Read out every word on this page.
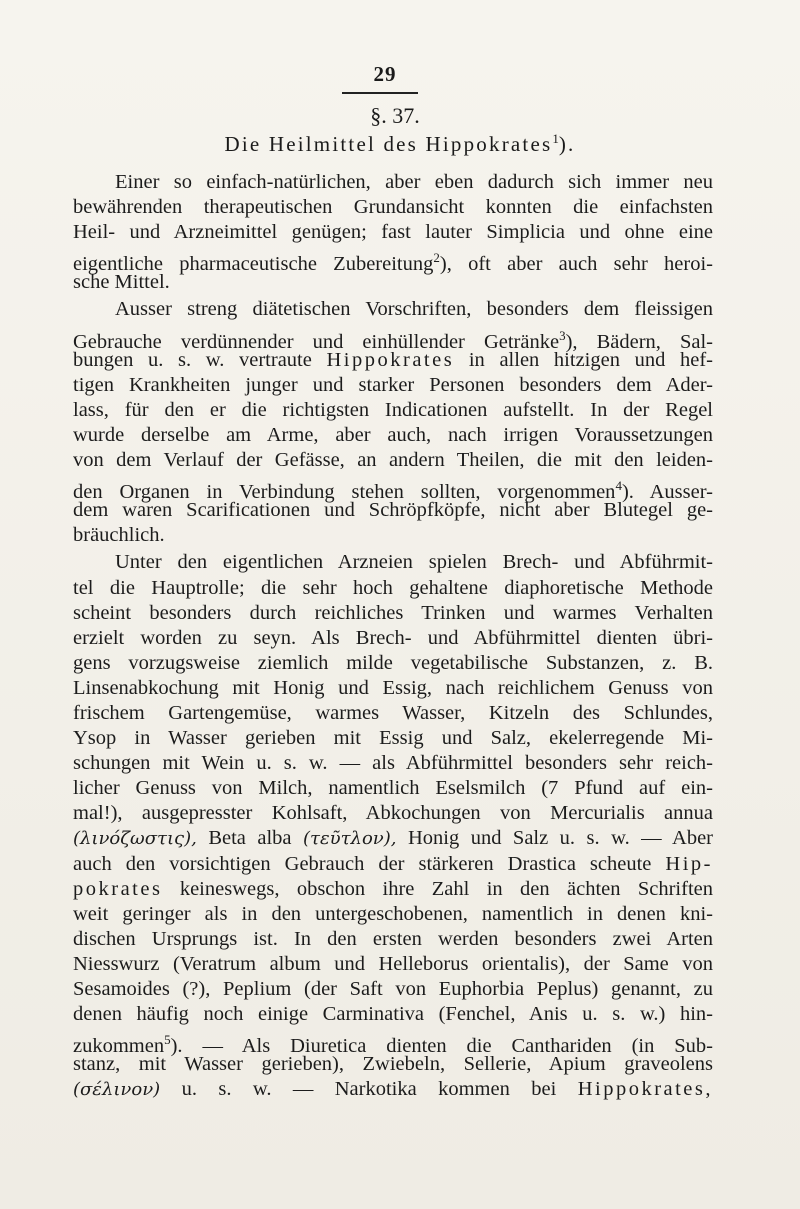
29
§. 37.
Die Heilmittel des Hippokrates$^1$).
Einer so einfach-natürlichen, aber eben dadurch sich immer neu
bewährenden therapeutischen Grundansicht konnten die einfachsten
Heil- und Arzneimittel genügen; fast lauter Simplicia und ohne eine
eigentliche pharmaceutische Zubereitung$^2$), oft aber auch sehr heroi-
sche Mittel.
Ausser streng diätetischen Vorschriften, besonders dem fleissigen
Gebrauche verdünnender und einhüllender Getränke$^3$), Bädern, Sal-
bungen u. s. w. vertraute Hippokrates in allen hitzigen und hef-
tigen Krankheiten junger und starker Personen besonders dem Ader-
lass, für den er die richtigsten Indicationen aufstellt. In der Regel
wurde derselbe am Arme, aber auch, nach irrigen Voraussetzungen
von dem Verlauf der Gefässe, an andern Theilen, die mit den leiden-
den Organen in Verbindung stehen sollten, vorgenommen$^4$). Ausser-
dem waren Scarificationen und Schröpfköpfe, nicht aber Blutegel ge-
bräuchlich.
Unter den eigentlichen Arzneien spielen Brech- und Abführmit-
tel die Hauptrolle; die sehr hoch gehaltene diaphoretische Methode
scheint besonders durch reichliches Trinken und warmes Verhalten
erzielt worden zu seyn. Als Brech- und Abführmittel dienten übri-
gens vorzugsweise ziemlich milde vegetabilische Substanzen, z. B.
Linsenabkochung mit Honig und Essig, nach reichlichem Genuss von
frischem Gartengemüse, warmes Wasser, Kitzeln des Schlundes,
Ysop in Wasser gerieben mit Essig und Salz, ekelerregende Mi-
schungen mit Wein u. s. w. — als Abführmittel besonders sehr reich-
licher Genuss von Milch, namentlich Eselsmilch (7 Pfund auf ein-
mal!), ausgepresster Kohlsaft, Abkochungen von Mercurialis annua
(λινόζωστις), Beta alba (τεῦτλον), Honig und Salz u. s. w. — Aber
auch den vorsichtigen Gebrauch der stärkeren Drastica scheute Hip-
pokrates keineswegs, obschon ihre Zahl in den ächten Schriften
weit geringer als in den untergeschobenen, namentlich in denen kni-
dischen Ursprungs ist. In den ersten werden besonders zwei Arten
Niesswurz (Veratrum album und Helleborus orientalis), der Same von
Sesamoides (?), Peplium (der Saft von Euphorbia Peplus) genannt, zu
denen häufig noch einige Carminativa (Fenchel, Anis u. s. w.) hin-
zukommen$^5$). — Als Diuretica dienten die Canthariden (in Sub-
stanz, mit Wasser gerieben), Zwiebeln, Sellerie, Apium graveolens
(σέλινον) u. s. w. — Narkotika kommen bei Hippokrates,
